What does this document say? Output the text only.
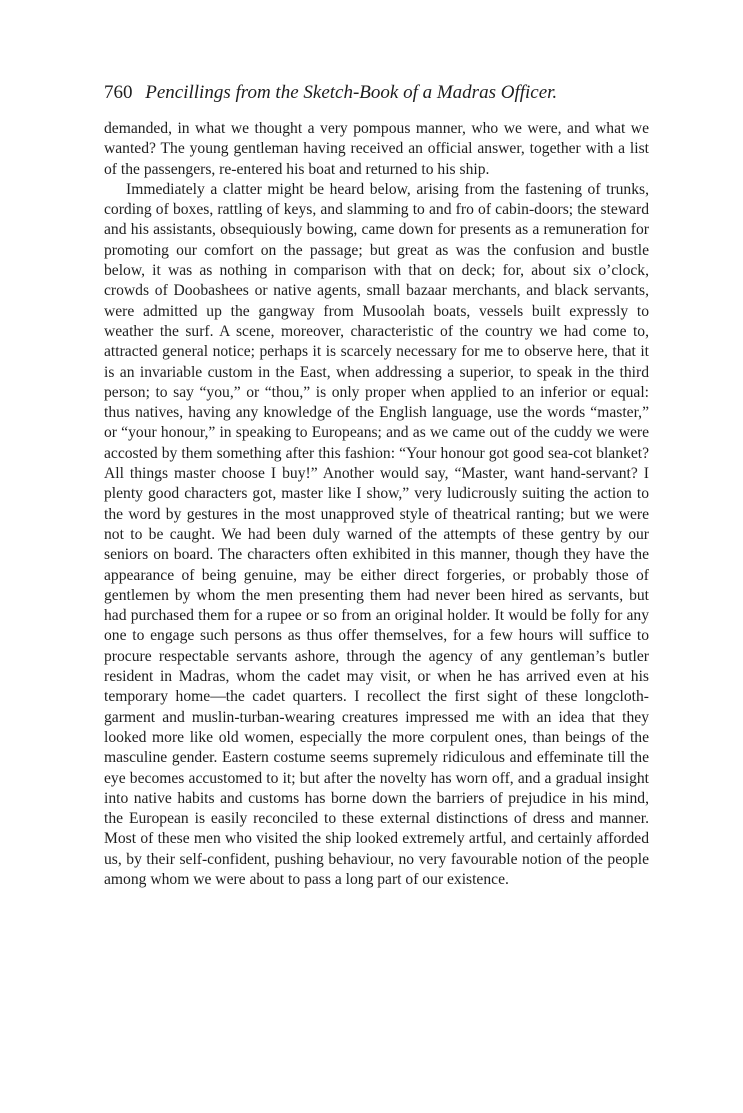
760 Pencillings from the Sketch-Book of a Madras Officer.
demanded, in what we thought a very pompous manner, who we were, and what we wanted? The young gentleman having received an official answer, together with a list of the passengers, re-entered his boat and returned to his ship.
Immediately a clatter might be heard below, arising from the fastening of trunks, cording of boxes, rattling of keys, and slamming to and fro of cabin-doors; the steward and his assistants, obsequiously bowing, came down for presents as a remuneration for promoting our comfort on the passage; but great as was the confusion and bustle below, it was as nothing in comparison with that on deck; for, about six o’clock, crowds of Doobashees or native agents, small bazaar merchants, and black servants, were admitted up the gangway from Musoolah boats, vessels built expressly to weather the surf. A scene, moreover, characteristic of the country we had come to, attracted general notice; perhaps it is scarcely necessary for me to observe here, that it is an invariable custom in the East, when addressing a superior, to speak in the third person; to say “you,” or “thou,” is only proper when applied to an inferior or equal: thus natives, having any knowledge of the English language, use the words “master,” or “your honour,” in speaking to Europeans; and as we came out of the cuddy we were accosted by them something after this fashion: “Your honour got good sea-cot blanket? All things master choose I buy!” Another would say, “Master, want hand-servant? I plenty good characters got, master like I show,” very ludicrously suiting the action to the word by gestures in the most unapproved style of theatrical ranting; but we were not to be caught. We had been duly warned of the attempts of these gentry by our seniors on board. The characters often exhibited in this manner, though they have the appearance of being genuine, may be either direct forgeries, or probably those of gentlemen by whom the men presenting them had never been hired as servants, but had purchased them for a rupee or so from an original holder. It would be folly for any one to engage such persons as thus offer themselves, for a few hours will suffice to procure respectable servants ashore, through the agency of any gentleman’s butler resident in Madras, whom the cadet may visit, or when he has arrived even at his temporary home—the cadet quarters. I recollect the first sight of these longcloth-garment and muslin-turban-wearing creatures impressed me with an idea that they looked more like old women, especially the more corpulent ones, than beings of the masculine gender. Eastern costume seems supremely ridiculous and effeminate till the eye becomes accustomed to it; but after the novelty has worn off, and a gradual insight into native habits and customs has borne down the barriers of prejudice in his mind, the European is easily reconciled to these external distinctions of dress and manner. Most of these men who visited the ship looked extremely artful, and certainly afforded us, by their self-confident, pushing behaviour, no very favourable notion of the people among whom we were about to pass a long part of our existence.
